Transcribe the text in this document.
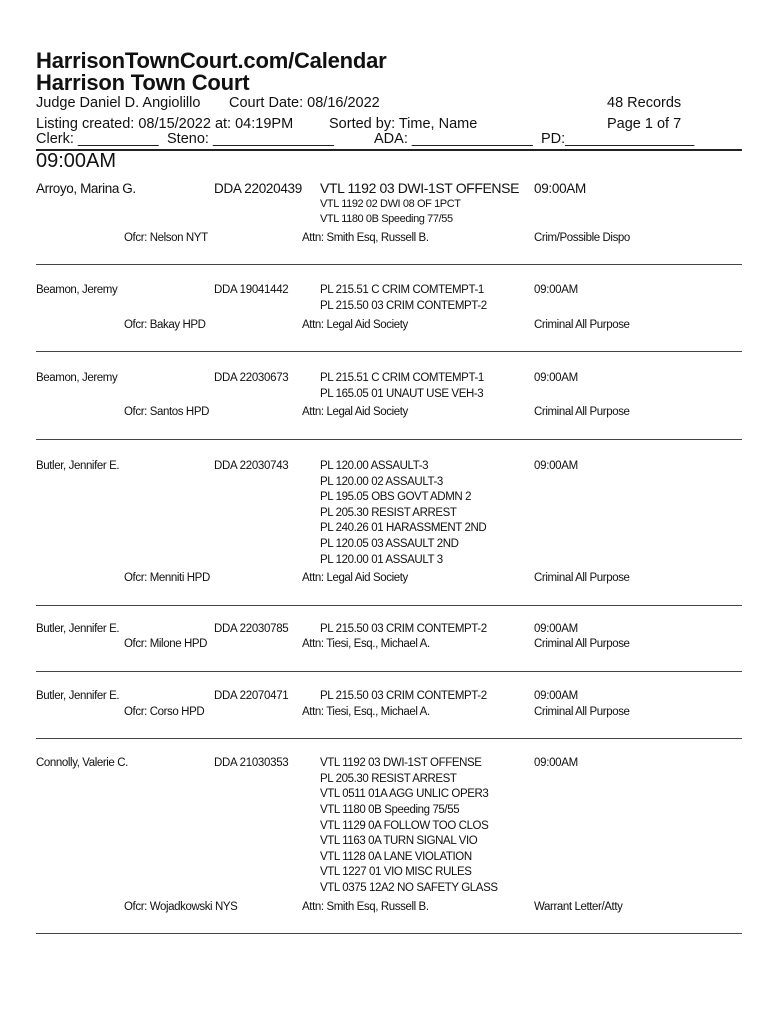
HarrisonTownCourt.com/Calendar
Harrison Town Court
Judge Daniel D. Angiolillo Court Date: 08/16/2022	48 Records
Listing created: 08/15/2022 at: 04:19PM Sorted by: Time, Name	Page 1 of 7
Clerk: __________ Steno: _______________	ADA: _______________ PD:________________
09:00AM
Arroyo, Marina G.	DDA 22020439 VTL 1192 03 DWI-1ST OFFENSE
VTL 1192 02 DWI 08 OF 1PCT
VTL 1180 0B Speeding 77/55
09:00AM
Ofcr: Nelson NYT	Attn: Smith Esq, Russell B.	Crim/Possible Dispo
Beamon, Jeremy	DDA 19041442	PL 215.51 C CRIM COMTEMPT-1
PL 215.50 03 CRIM CONTEMPT-2
09:00AM
Ofcr: Bakay HPD	Attn: Legal Aid Society	Criminal All Purpose
Beamon, Jeremy	DDA 22030673	PL 215.51 C CRIM COMTEMPT-1
PL 165.05 01 UNAUT USE VEH-3
09:00AM
Ofcr: Santos HPD	Attn: Legal Aid Society	Criminal All Purpose
Butler, Jennifer E.	DDA 22030743	PL 120.00 ASSAULT-3
PL 120.00 02 ASSAULT-3
PL 195.05 OBS GOVT ADMN 2
PL 205.30 RESIST ARREST
PL 240.26 01 HARASSMENT 2ND
PL 120.05 03 ASSAULT 2ND
PL 120.00 01 ASSAULT 3
09:00AM
Ofcr: Menniti HPD	Attn: Legal Aid Society	Criminal All Purpose
Butler, Jennifer E.	DDA 22030785	PL 215.50 03 CRIM CONTEMPT-2	09:00AM
Ofcr: Milone HPD	Attn: Tiesi, Esq., Michael A.	Criminal All Purpose
Butler, Jennifer E.	DDA 22070471	PL 215.50 03 CRIM CONTEMPT-2	09:00AM
Ofcr: Corso HPD	Attn: Tiesi, Esq., Michael A.	Criminal All Purpose
Connolly, Valerie C.	DDA 21030353	VTL 1192 03 DWI-1ST OFFENSE
PL 205.30 RESIST ARREST
VTL 0511 01A AGG UNLIC OPER3
VTL 1180 0B Speeding 75/55
VTL 1129 0A FOLLOW TOO CLOS
VTL 1163 0A TURN SIGNAL VIO
VTL 1128 0A LANE VIOLATION
VTL 1227 01 VIO MISC RULES
VTL 0375 12A2 NO SAFETY GLASS
09:00AM
Ofcr: Wojadkowski NYS	Attn: Smith Esq, Russell B.	Warrant Letter/Atty
